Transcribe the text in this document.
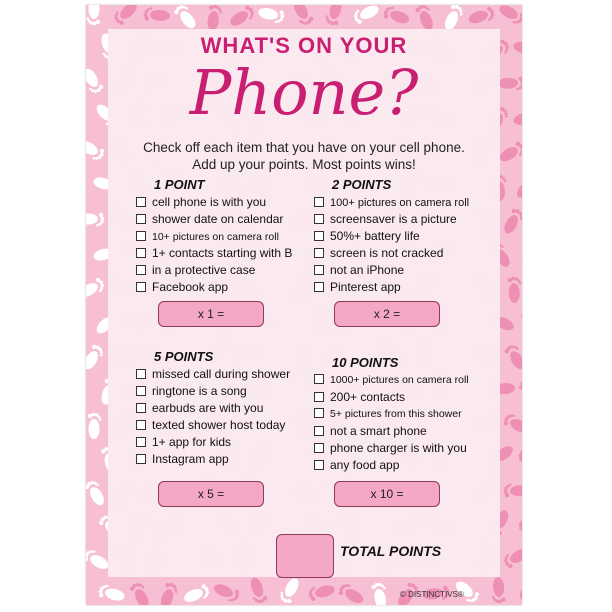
WHAT'S ON YOUR
Phone?
Check off each item that you have on your cell phone.
Add up your points. Most points wins!
1 POINT
cell phone is with you
shower date on calendar
10+ pictures on camera roll
1+ contacts starting with B
in a protective case
Facebook app
x 1 =
2 POINTS
100+ pictures on camera roll
screensaver is a picture
50%+ battery life
screen is not cracked
not an iPhone
Pinterest app
x 2 =
5 POINTS
missed call during shower
ringtone is a song
earbuds are with you
texted shower host today
1+ app for kids
Instagram app
x 5 =
10 POINTS
1000+ pictures on camera roll
200+ contacts
5+ pictures from this shower
not a smart phone
phone charger is with you
any food app
x 10 =
TOTAL POINTS
© DISTINCTIVS®
